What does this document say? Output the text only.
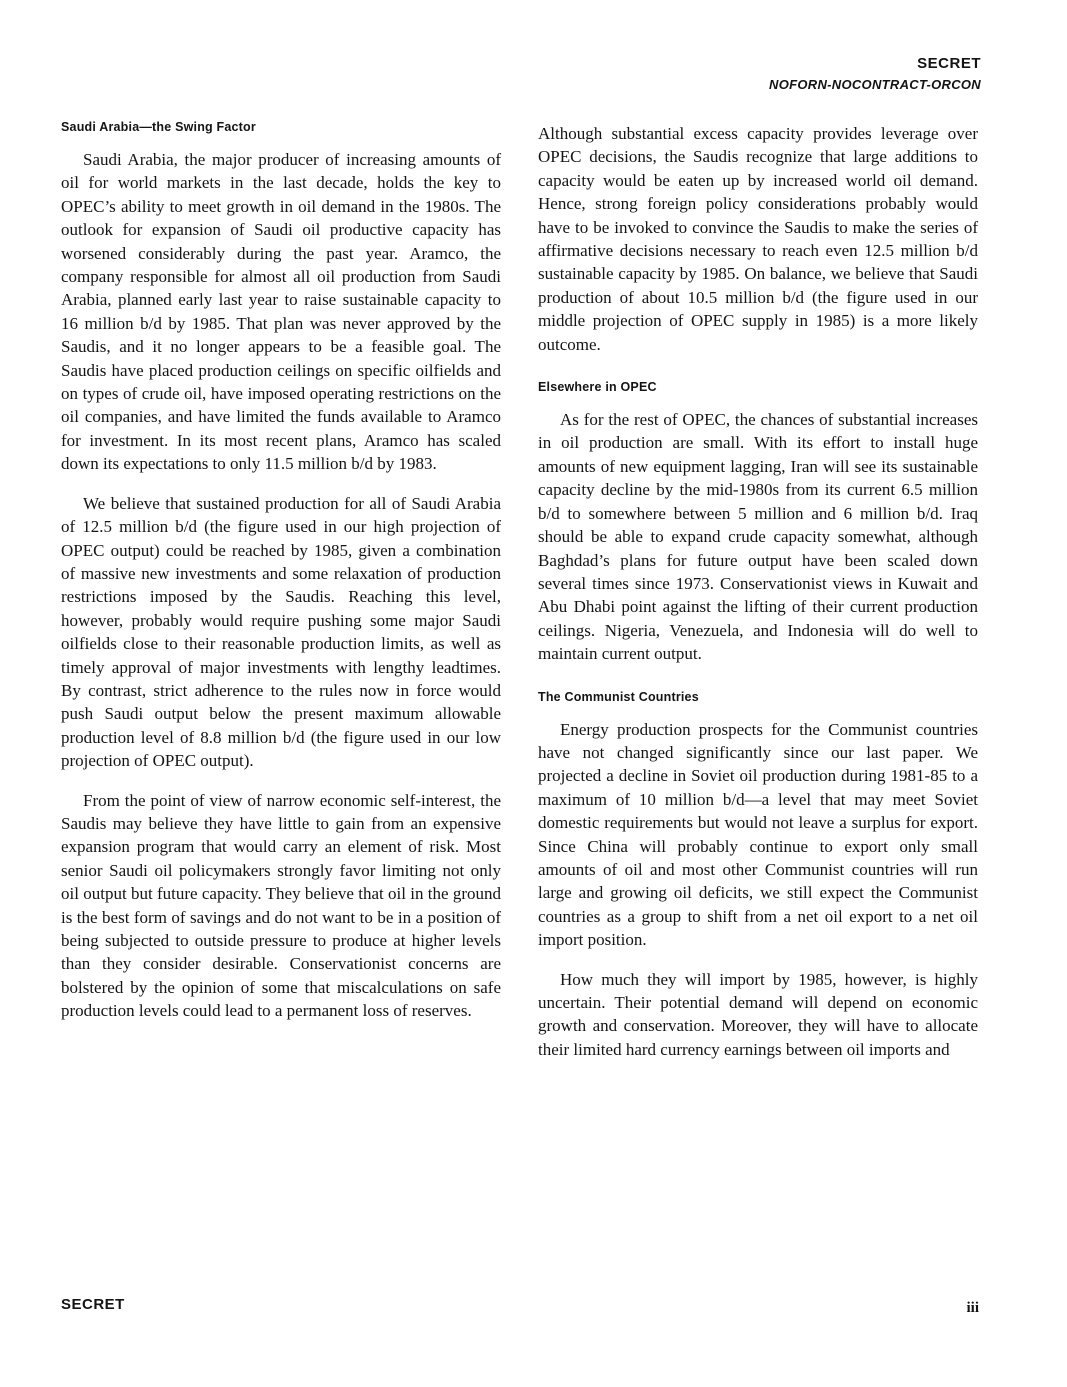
SECRET
NOFORN-NOCONTRACT-ORCON
Saudi Arabia—the Swing Factor

Saudi Arabia, the major producer of increasing amounts of oil for world markets in the last decade, holds the key to OPEC’s ability to meet growth in oil demand in the 1980s. The outlook for expansion of Saudi oil productive capacity has worsened considerably during the past year. Aramco, the company responsible for almost all oil production from Saudi Arabia, planned early last year to raise sustainable capacity to 16 million b/d by 1985. That plan was never approved by the Saudis, and it no longer appears to be a feasible goal. The Saudis have placed production ceilings on specific oilfields and on types of crude oil, have imposed operating restrictions on the oil companies, and have limited the funds available to Aramco for investment. In its most recent plans, Aramco has scaled down its expectations to only 11.5 million b/d by 1983.

We believe that sustained production for all of Saudi Arabia of 12.5 million b/d (the figure used in our high projection of OPEC output) could be reached by 1985, given a combination of massive new investments and some relaxation of production restrictions imposed by the Saudis. Reaching this level, however, probably would require pushing some major Saudi oilfields close to their reasonable production limits, as well as timely approval of major investments with lengthy leadtimes. By contrast, strict adherence to the rules now in force would push Saudi output below the present maximum allowable production level of 8.8 million b/d (the figure used in our low projection of OPEC output).

From the point of view of narrow economic self-interest, the Saudis may believe they have little to gain from an expensive expansion program that would carry an element of risk. Most senior Saudi oil policymakers strongly favor limiting not only oil output but future capacity. They believe that oil in the ground is the best form of savings and do not want to be in a position of being subjected to outside pressure to produce at higher levels than they consider desirable. Conservationist concerns are bolstered by the opinion of some that miscalculations on safe production levels could lead to a permanent loss of reserves.

Although substantial excess capacity provides leverage over OPEC decisions, the Saudis recognize that large additions to capacity would be eaten up by increased world oil demand. Hence, strong foreign policy considerations probably would have to be invoked to convince the Saudis to make the series of affirmative decisions necessary to reach even 12.5 million b/d sustainable capacity by 1985. On balance, we believe that Saudi production of about 10.5 million b/d (the figure used in our middle projection of OPEC supply in 1985) is a more likely outcome.

Elsewhere in OPEC

As for the rest of OPEC, the chances of substantial increases in oil production are small. With its effort to install huge amounts of new equipment lagging, Iran will see its sustainable capacity decline by the mid-1980s from its current 6.5 million b/d to somewhere between 5 million and 6 million b/d. Iraq should be able to expand crude capacity somewhat, although Baghdad’s plans for future output have been scaled down several times since 1973. Conservationist views in Kuwait and Abu Dhabi point against the lifting of their current production ceilings. Nigeria, Venezuela, and Indonesia will do well to maintain current output.

The Communist Countries

Energy production prospects for the Communist countries have not changed significantly since our last paper. We projected a decline in Soviet oil production during 1981-85 to a maximum of 10 million b/d—a level that may meet Soviet domestic requirements but would not leave a surplus for export. Since China will probably continue to export only small amounts of oil and most other Communist countries will run large and growing oil deficits, we still expect the Communist countries as a group to shift from a net oil export to a net oil import position.

How much they will import by 1985, however, is highly uncertain. Their potential demand will depend on economic growth and conservation. Moreover, they will have to allocate their limited hard currency earnings between oil imports and

SECRET	iii
